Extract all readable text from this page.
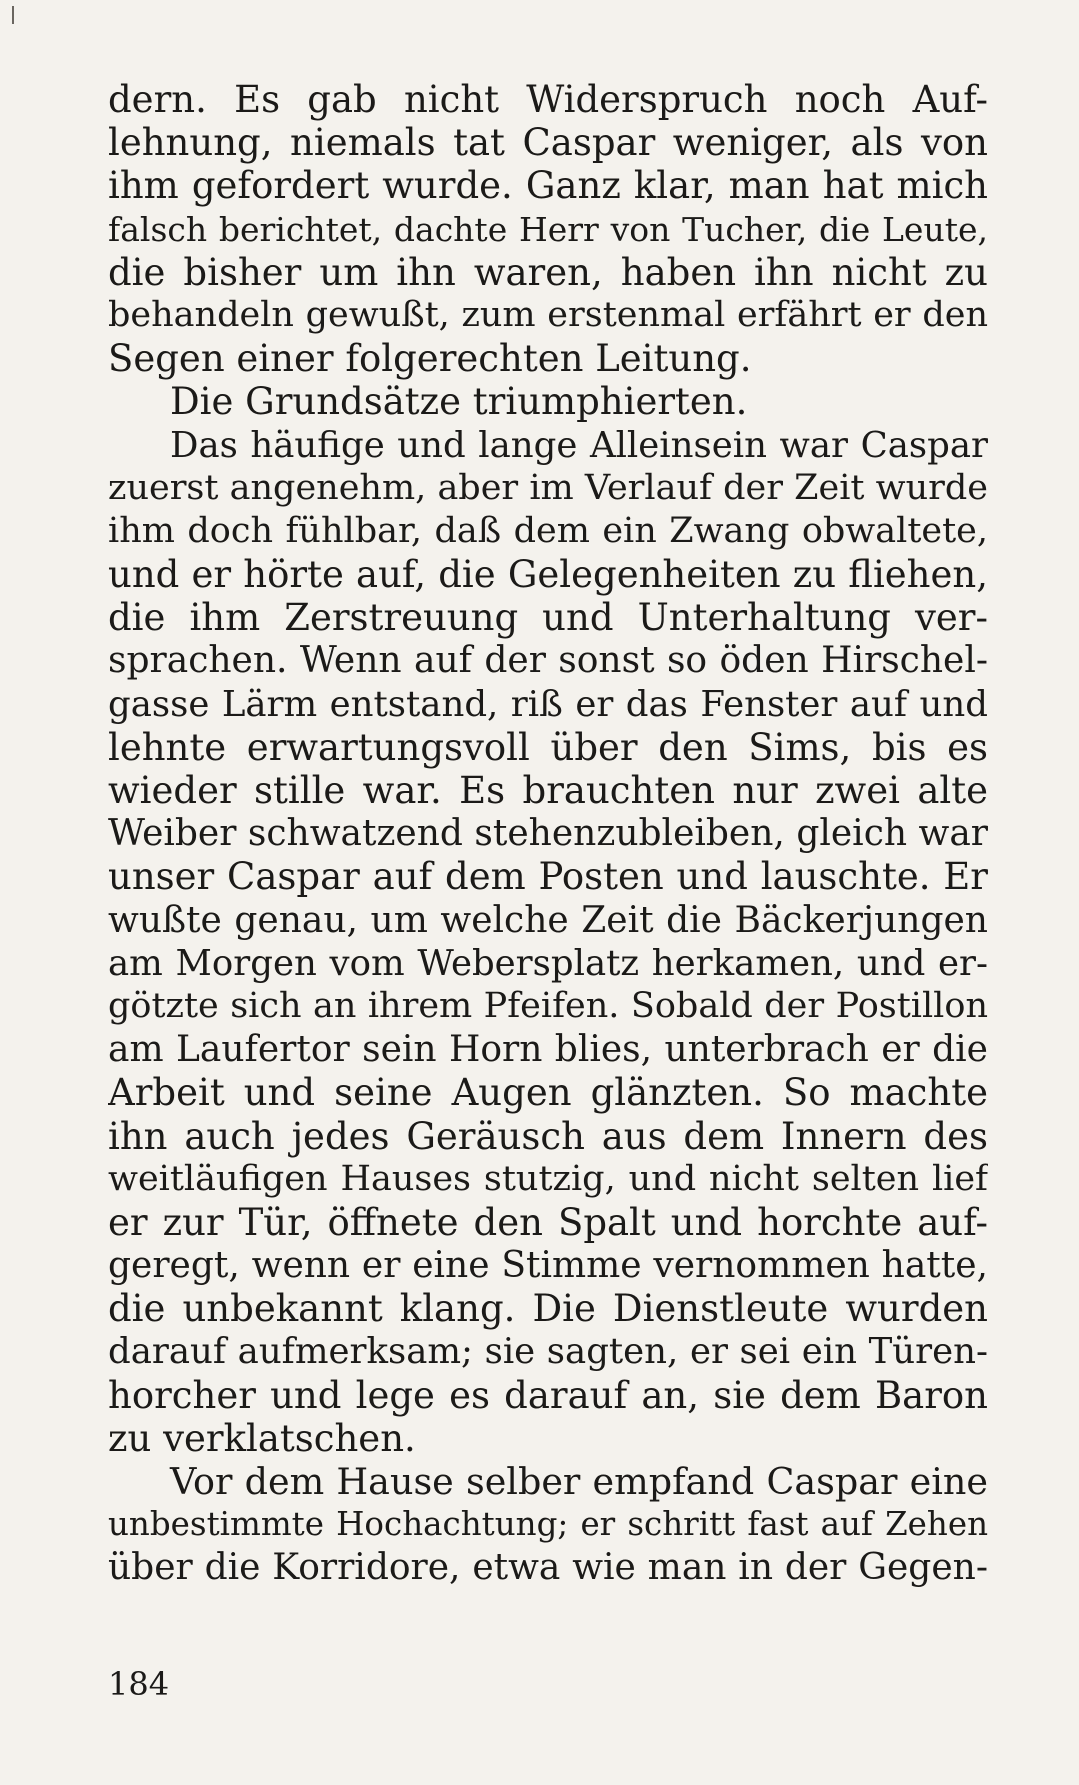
dern. Es gab nicht Widerspruch noch Auf-
lehnung, niemals tat Caspar weniger, als von
ihm gefordert wurde. Ganz klar, man hat mich
falsch berichtet, dachte Herr von Tucher, die Leute,
die bisher um ihn waren, haben ihn nicht zu
behandeln gewußt, zum erstenmal erfährt er den
Segen einer folgerechten Leitung.
Die Grundsätze triumphierten.
Das häufige und lange Alleinsein war Caspar
zuerst angenehm, aber im Verlauf der Zeit wurde
ihm doch fühlbar, daß dem ein Zwang obwaltete,
und er hörte auf, die Gelegenheiten zu fliehen,
die ihm Zerstreuung und Unterhaltung ver-
sprachen. Wenn auf der sonst so öden Hirschel-
gasse Lärm entstand, riß er das Fenster auf und
lehnte erwartungsvoll über den Sims, bis es
wieder stille war. Es brauchten nur zwei alte
Weiber schwatzend stehenzubleiben, gleich war
unser Caspar auf dem Posten und lauschte. Er
wußte genau, um welche Zeit die Bäckerjungen
am Morgen vom Webersplatz herkamen, und er-
götzte sich an ihrem Pfeifen. Sobald der Postillon
am Laufertor sein Horn blies, unterbrach er die
Arbeit und seine Augen glänzten. So machte
ihn auch jedes Geräusch aus dem Innern des
weitläufigen Hauses stutzig, und nicht selten lief
er zur Tür, öffnete den Spalt und horchte auf-
geregt, wenn er eine Stimme vernommen hatte,
die unbekannt klang. Die Dienstleute wurden
darauf aufmerksam; sie sagten, er sei ein Türen-
horcher und lege es darauf an, sie dem Baron
zu verklatschen.
Vor dem Hause selber empfand Caspar eine
unbestimmte Hochachtung; er schritt fast auf Zehen
über die Korridore, etwa wie man in der Gegen-
184
